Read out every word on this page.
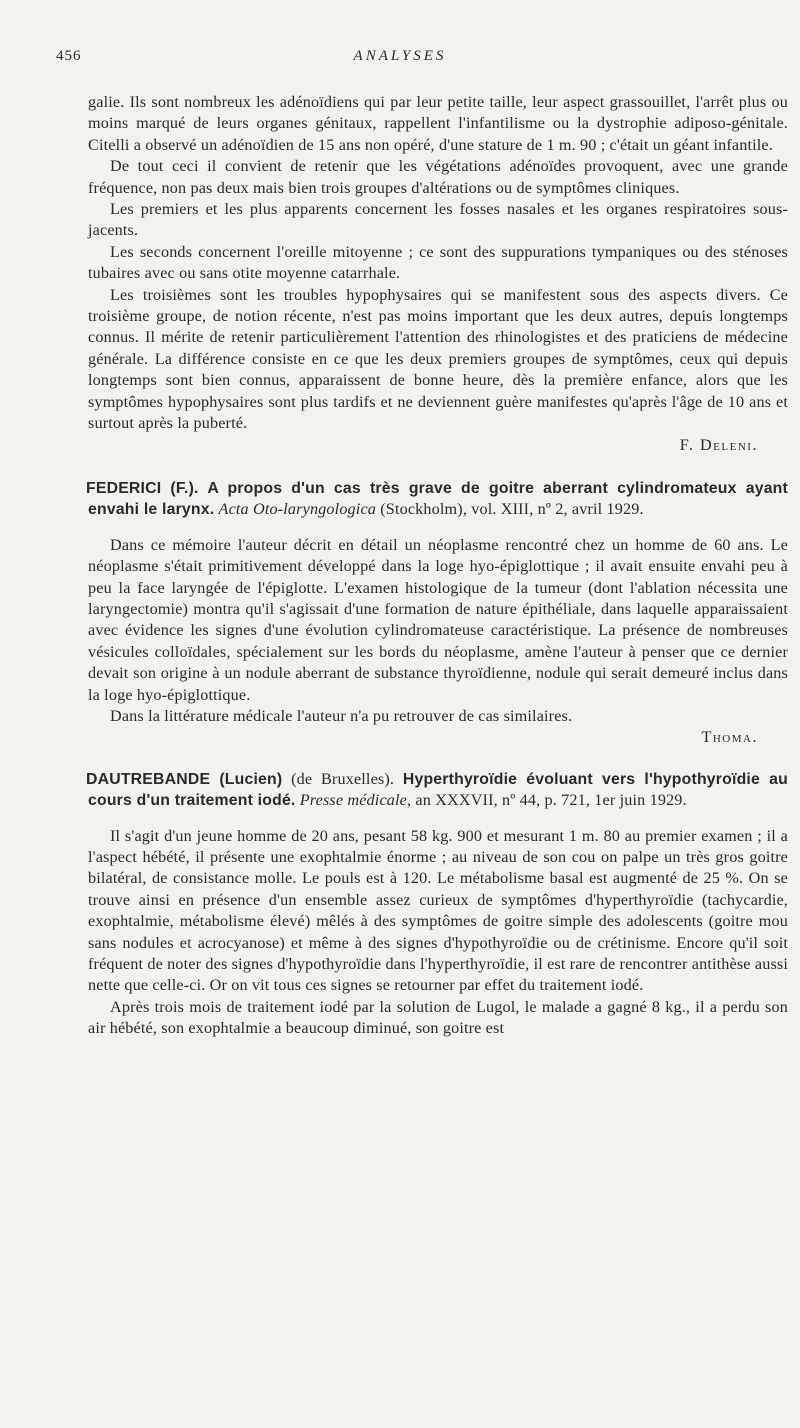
456	ANALYSES

galie. Ils sont nombreux les adénoïdiens qui par leur petite taille, leur aspect grassouillet, l'arrêt plus ou moins marqué de leurs organes génitaux, rappellent l'infantilisme ou la dystrophie adiposo-génitale. Citelli a observé un adénoïdien de 15 ans non opéré, d'une stature de 1 m. 90 ; c'était un géant infantile.

De tout ceci il convient de retenir que les végétations adénoïdes provoquent, avec une grande fréquence, non pas deux mais bien trois groupes d'altérations ou de symptômes cliniques.

Les premiers et les plus apparents concernent les fosses nasales et les organes respiratoires sous-jacents.

Les seconds concernent l'oreille mitoyenne ; ce sont des suppurations tympaniques ou des sténoses tubaires avec ou sans otite moyenne catarrhale.

Les troisièmes sont les troubles hypophysaires qui se manifestent sous des aspects divers. Ce troisième groupe, de notion récente, n'est pas moins important que les deux autres, depuis longtemps connus. Il mérite de retenir particulièrement l'attention des rhinologistes et des praticiens de médecine générale. La différence consiste en ce que les deux premiers groupes de symptômes, ceux qui depuis longtemps sont bien connus, apparaissent de bonne heure, dès la première enfance, alors que les symptômes hypophysaires sont plus tardifs et ne deviennent guère manifestes qu'après l'âge de 10 ans et surtout après la puberté.

F. Deleni.

FEDERICI (F.). A propos d'un cas très grave de goitre aberrant cylindromateux ayant envahi le larynx. Acta Oto-laryngologica (Stockholm), vol. XIII, nº 2, avril 1929.

Dans ce mémoire l'auteur décrit en détail un néoplasme rencontré chez un homme de 60 ans. Le néoplasme s'était primitivement développé dans la loge hyo-épiglottique ; il avait ensuite envahi peu à peu la face laryngée de l'épiglotte. L'examen histologique de la tumeur (dont l'ablation nécessita une laryngectomie) montra qu'il s'agissait d'une formation de nature épithéliale, dans laquelle apparaissaient avec évidence les signes d'une évolution cylindromateuse caractéristique. La présence de nombreuses vésicules colloïdales, spécialement sur les bords du néoplasme, amène l'auteur à penser que ce dernier devait son origine à un nodule aberrant de substance thyroïdienne, nodule qui serait demeuré inclus dans la loge hyo-épiglottique.

Dans la littérature médicale l'auteur n'a pu retrouver de cas similaires.

Thoma.

DAUTREBANDE (Lucien) (de Bruxelles). Hyperthyroïdie évoluant vers l'hypothyroïdie au cours d'un traitement iodé. Presse médicale, an XXXVII, nº 44, p. 721, 1er juin 1929.

Il s'agit d'un jeune homme de 20 ans, pesant 58 kg. 900 et mesurant 1 m. 80 au premier examen ; il a l'aspect hébété, il présente une exophtalmie énorme ; au niveau de son cou on palpe un très gros goitre bilatéral, de consistance molle. Le pouls est à 120. Le métabolisme basal est augmenté de 25 %. On se trouve ainsi en présence d'un ensemble assez curieux de symptômes d'hyperthyroïdie (tachycardie, exophtalmie, métabolisme élevé) mêlés à des symptômes de goitre simple des adolescents (goitre mou sans nodules et acrocyanose) et même à des signes d'hypothyroïdie ou de crétinisme. Encore qu'il soit fréquent de noter des signes d'hypothyroïdie dans l'hyperthyroïdie, il est rare de rencontrer antithèse aussi nette que celle-ci. Or on vit tous ces signes se retourner par effet du traitement iodé.

Après trois mois de traitement iodé par la solution de Lugol, le malade a gagné 8 kg., il a perdu son air hébété, son exophtalmie a beaucoup diminué, son goitre est
